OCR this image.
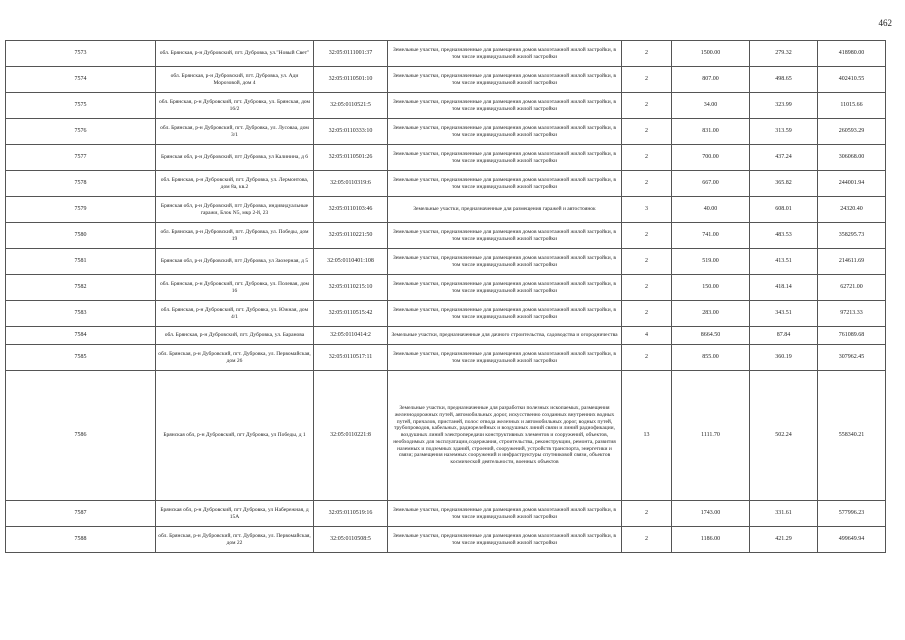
462
7573	обл. Брянская, р-н Дубровский, пгт. Дубровка, ул."Новый Свет"	32:05:0111001:37	Земельные участки, предназначенные для размещения домов малоэтажной жилой застройки, в том числе индивидуальной жилой застройки	2	1500.00	279.32	418980.00
7574	обл. Брянская, р-н Дубровский, пгт. Дубровка, ул. Ади Морозовой, дом 4	32:05:0110501:10	Земельные участки, предназначенные для размещения домов малоэтажной жилой застройки, в том числе индивидуальной жилой застройки	2	807.00	498.65	402410.55
7575	обл. Брянская, р-н Дубровский, пгт. Дубровка, ул. Брянская, дом 16/2	32:05:0110521:5	Земельные участки, предназначенные для размещения домов малоэтажной жилой застройки, в том числе индивидуальной жилой застройки	2	34.00	323.99	11015.66
7576	обл. Брянская, р-н Дубровский, пгт. Дубровка, ул. Лусоваа, дом 3/1	32:05:0110333:10	Земельные участки, предназначенные для размещения домов малоэтажной жилой застройки, в том числе индивидуальной жилой застройки	2	831.00	313.59	260593.29
7577	Брянская обл, р-н Дубровский, пгт Дубровка, ул Калинина, д 6	32:05:0110501:26	Земельные участки, предназначенные для размещения домов малоэтажной жилой застройки, в том числе индивидуальной жилой застройки	2	700.00	437.24	306068.00
7578	обл. Брянская, р-н Дубровский, пгт. Дубровка, ул. Лермонтова, дом 8а, кв.2	32:05:0110319:6	Земельные участки, предназначенные для размещения домов малоэтажной жилой застройки, в том числе индивидуальной жилой застройки	2	667.00	365.82	244001.94
7579	Брянская обл, р-н Дубровский, пгт Дубровка, индивидуальные гаражи, Блок N5, мкр 2-й, 23	32:05:0110103:46	Земельные участки, предназначенные для размещения гаражей и автостоянок	3	40.00	608.01	24320.40
7580	обл. Брянская, р-н Дубровский, пгт. Дубровка, ул. Победы, дом 19	32:05:0110221:50	Земельные участки, предназначенные для размещения домов малоэтажной жилой застройки, в том числе индивидуальной жилой застройки	2	741.00	483.53	358295.73
7581	Брянская обл, р-н Дубровский, пгт Дубровка, ул Заозерная, д 5	32:05:0110401:108	Земельные участки, предназначенные для размещения домов малоэтажной жилой застройки, в том числе индивидуальной жилой застройки	2	519.00	413.51	214611.69
7582	обл. Брянская, р-н Дубровский, пгт. Дубровка, ул. Полевая, дом 16	32:05:0110215:10	Земельные участки, предназначенные для размещения домов малоэтажной жилой застройки, в том числе индивидуальной жилой застройки	2	150.00	418.14	62721.00
7583	обл. Брянская, р-н Дубровский, пгт. Дубровка, ул. Южная, дом 4/1	32:05:0110515:42	Земельные участки, предназначенные для размещения домов малоэтажной жилой застройки, в том числе индивидуальной жилой застройки	2	283.00	343.51	97213.33
7584	обл. Брянская, р-н Дубровский, пгт. Дубровка, ул. Баранова	32:05:0110414:2	Земельные участки, предназначенные для дачного строительства, садоводства и огородничества	4	8664.50	87.84	761089.68
7585	обл. Брянская, р-н Дубровский, пгт. Дубровка, ул. Первомайская, дом 26	32:05:0110517:11	Земельные участки, предназначенные для размещения домов малоэтажной жилой застройки, в том числе индивидуальной жилой застройки	2	855.00	360.19	307962.45
7586	Брянская обл, р-н Дубровский, пгт Дубровка, ул Победы, д 1	32:05:0110221:8	Земельные участки, предназначенные для разработки полезных ископаемых, размещения железнодорожных путей, автомобильных дорог, искусственно созданных внутренних водных путей, причалов, пристаней, полос отвода железных и автомобильных дорог, водных путей, трубопроводов, кабельных, радиорелейных и воздушных линий связи и линий радиофикации, воздушных линий электропередачи конструктивных элементов и сооружений, объектов, необходимых для эксплуатации,содержания, строительства, реконструкции, ремонта, развития наземных и подземных зданий, строений, сооружений, устройств транспорта, энергетики и связи; размещения наземных сооружений и инфраструктуры спутниковой связи, объектов космической деятельности, военных объектов	13	1111.70	502.24	558340.21
7587	Брянская обл, р-н Дубровский, пгт Дубровка, ул Набережная, д 15А	32:05:0110519:16	Земельные участки, предназначенные для размещения домов малоэтажной жилой застройки, в том числе индивидуальной жилой застройки	2	1743.00	331.61	577996.23
7588	обл. Брянская, р-н Дубровский, пгт. Дубровка, ул. Первомайская, дом 22	32:05:0110508:5	Земельные участки, предназначенные для размещения домов малоэтажной жилой застройки, в том числе индивидуальной жилой застройки	2	1186.00	421.29	499649.94
